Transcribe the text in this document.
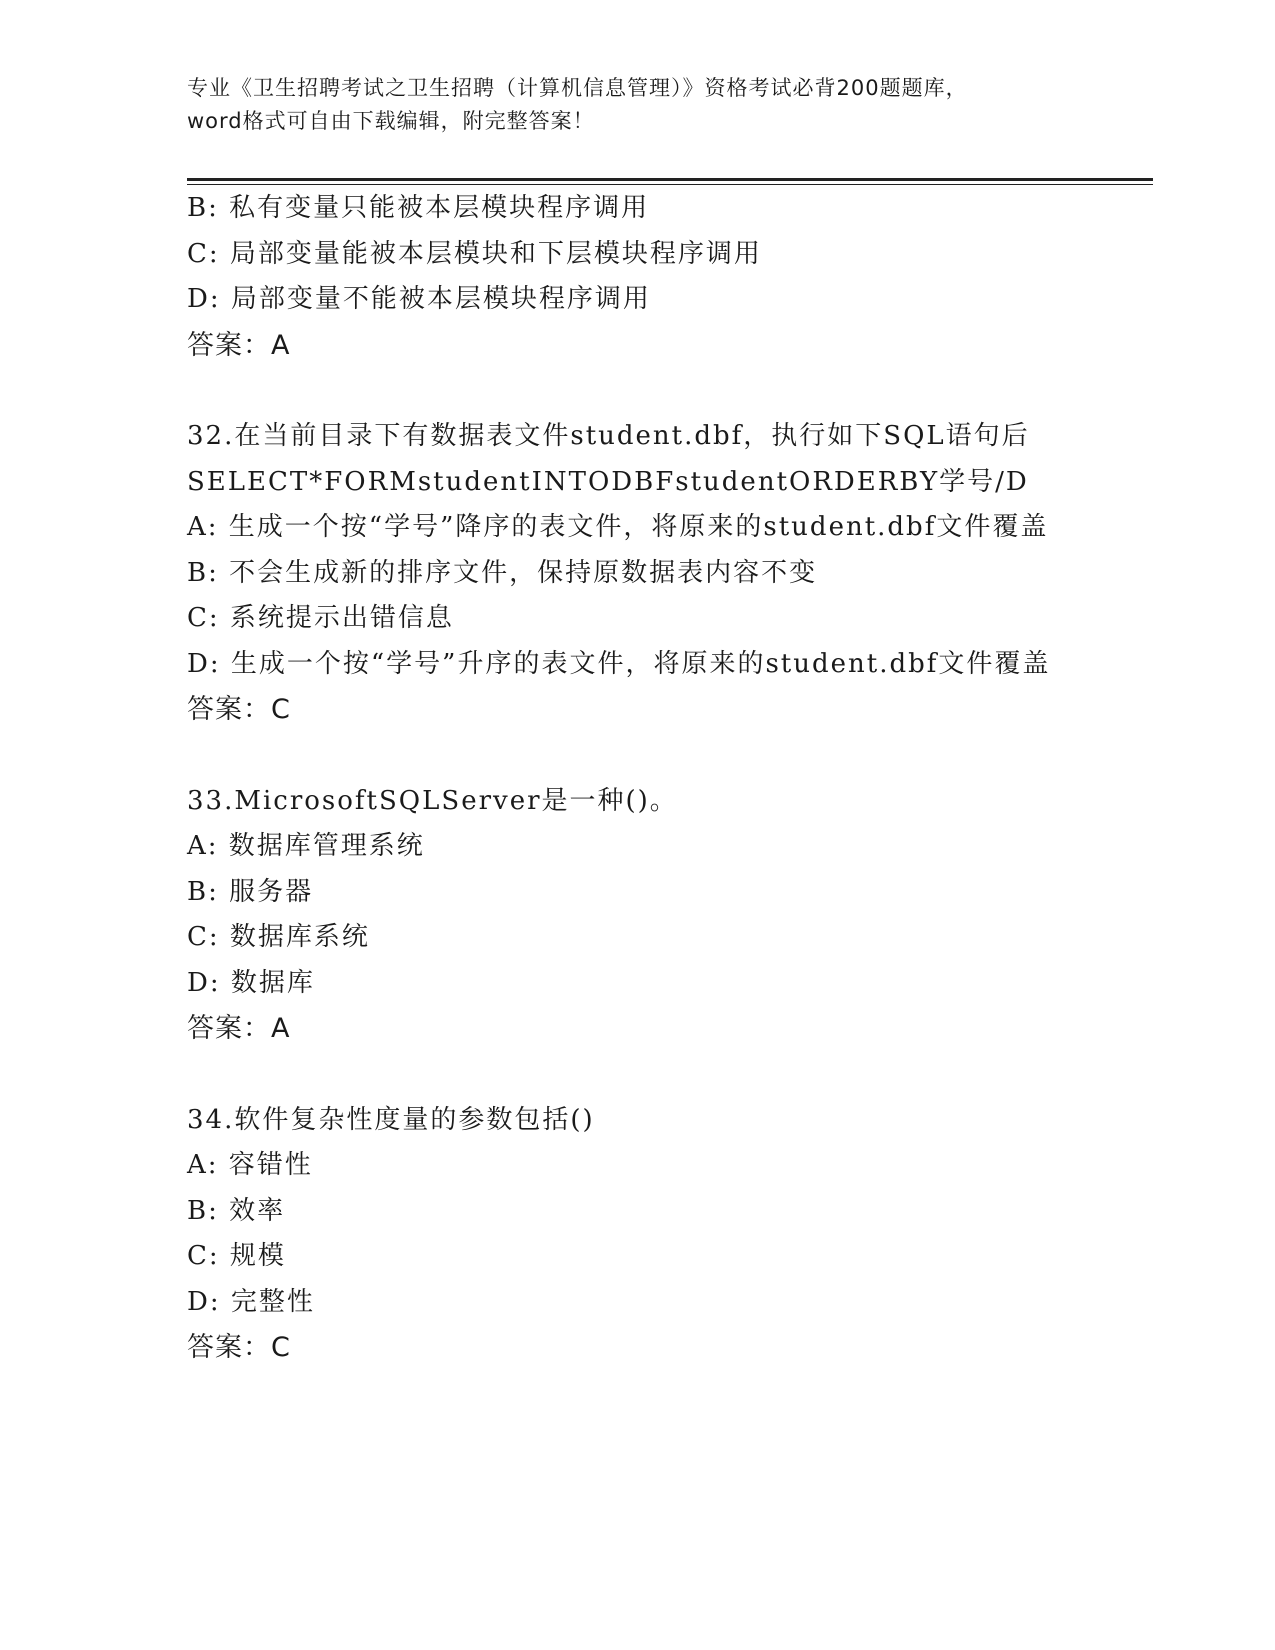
专业《卫生招聘考试之卫生招聘（计算机信息管理）》资格考试必背200题题库，
word格式可自由下载编辑，附完整答案！
B: 私有变量只能被本层模块程序调用
C: 局部变量能被本层模块和下层模块程序调用
D: 局部变量不能被本层模块程序调用
答案：A
32.在当前目录下有数据表文件student.dbf，执行如下SQL语句后SELECT*FORMstudentINTODBFstudentORDERBY学号/D
A: 生成一个按“学号”降序的表文件，将原来的student.dbf文件覆盖
B: 不会生成新的排序文件，保持原数据表内容不变
C: 系统提示出错信息
D: 生成一个按“学号”升序的表文件，将原来的student.dbf文件覆盖
答案：C
33.MicrosoftSQLServer是一种()。
A: 数据库管理系统
B: 服务器
C: 数据库系统
D: 数据库
答案：A
34.软件复杂性度量的参数包括()
A: 容错性
B: 效率
C: 规模
D: 完整性
答案：C
